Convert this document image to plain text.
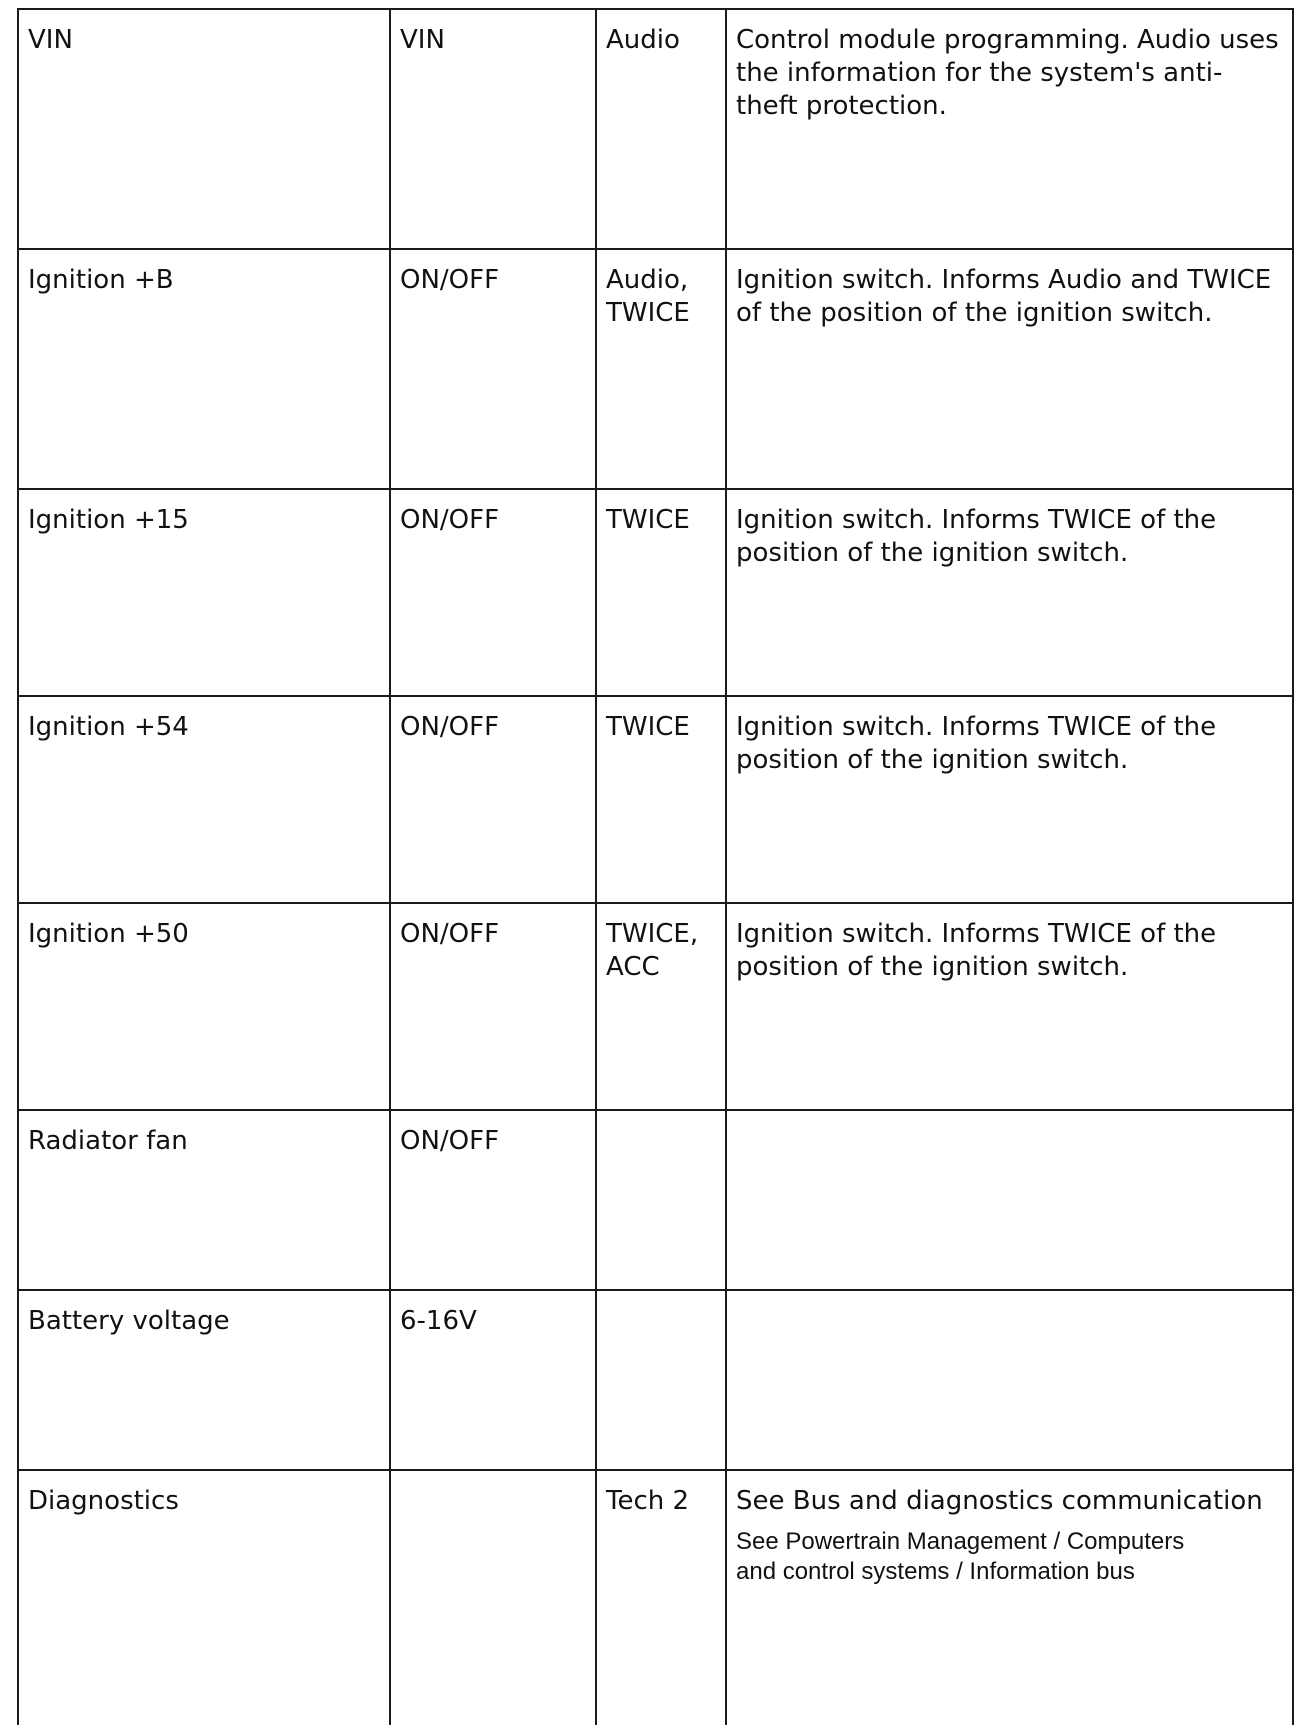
VIN	VIN	Audio	Control module programming. Audio uses the information for the system's anti-theft protection.
Ignition +B	ON/OFF	Audio, TWICE	Ignition switch. Informs Audio and TWICE of the position of the ignition switch.
Ignition +15	ON/OFF	TWICE	Ignition switch. Informs TWICE of the position of the ignition switch.
Ignition +54	ON/OFF	TWICE	Ignition switch. Informs TWICE of the position of the ignition switch.
Ignition +50	ON/OFF	TWICE, ACC	Ignition switch. Informs TWICE of the position of the ignition switch.
Radiator fan	ON/OFF		
Battery voltage	6-16V		
Diagnostics		Tech 2	See Bus and diagnostics communication
See Powertrain Management / Computers
and control systems / Information bus
